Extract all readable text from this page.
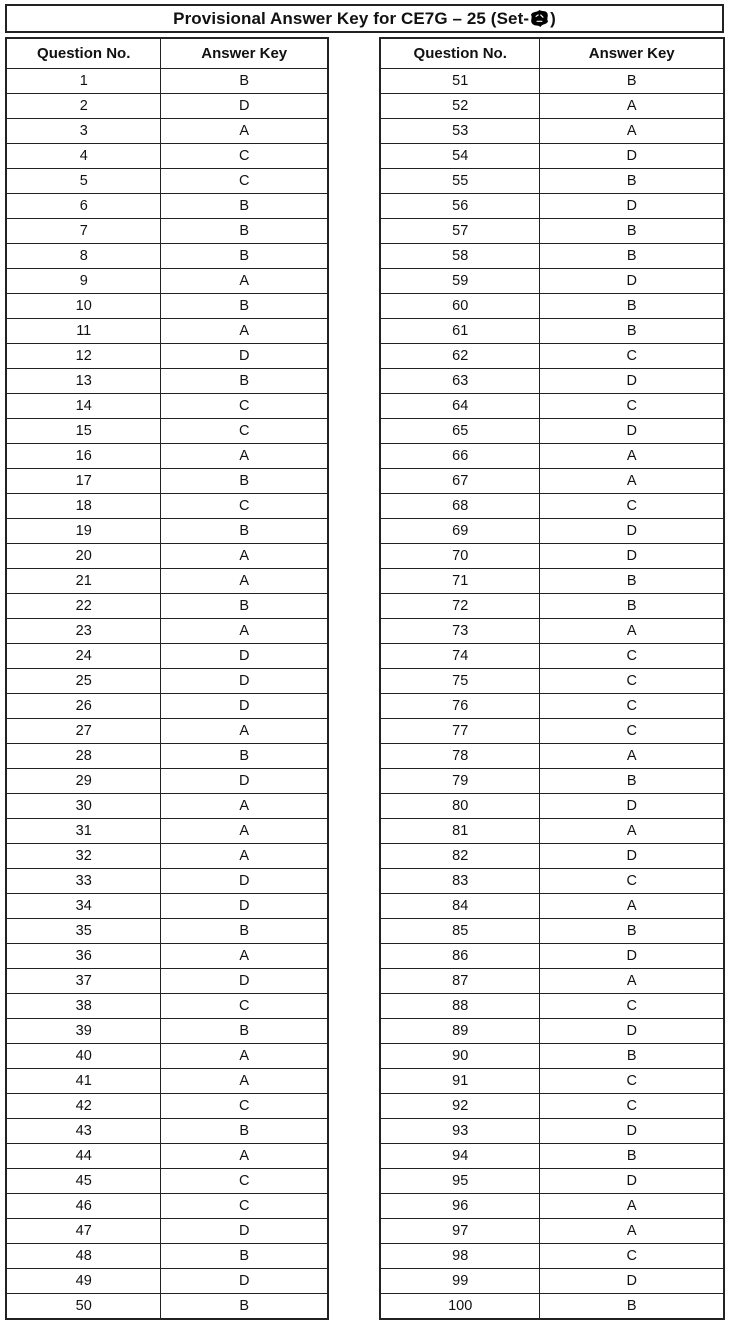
Provisional Answer Key for CE7G – 25 (Set- )
Question No.	Answer Key
1	B
2	D
3	A
4	C
5	C
6	B
7	B
8	B
9	A
10	B
11	A
12	D
13	B
14	C
15	C
16	A
17	B
18	C
19	B
20	A
21	A
22	B
23	A
24	D
25	D
26	D
27	A
28	B
29	D
30	A
31	A
32	A
33	D
34	D
35	B
36	A
37	D
38	C
39	B
40	A
41	A
42	C
43	B
44	A
45	C
46	C
47	D
48	B
49	D
50	B
Question No.	Answer Key
51	B
52	A
53	A
54	D
55	B
56	D
57	B
58	B
59	D
60	B
61	B
62	C
63	D
64	C
65	D
66	A
67	A
68	C
69	D
70	D
71	B
72	B
73	A
74	C
75	C
76	C
77	C
78	A
79	B
80	D
81	A
82	D
83	C
84	A
85	B
86	D
87	A
88	C
89	D
90	B
91	C
92	C
93	D
94	B
95	D
96	A
97	A
98	C
99	D
100	B
